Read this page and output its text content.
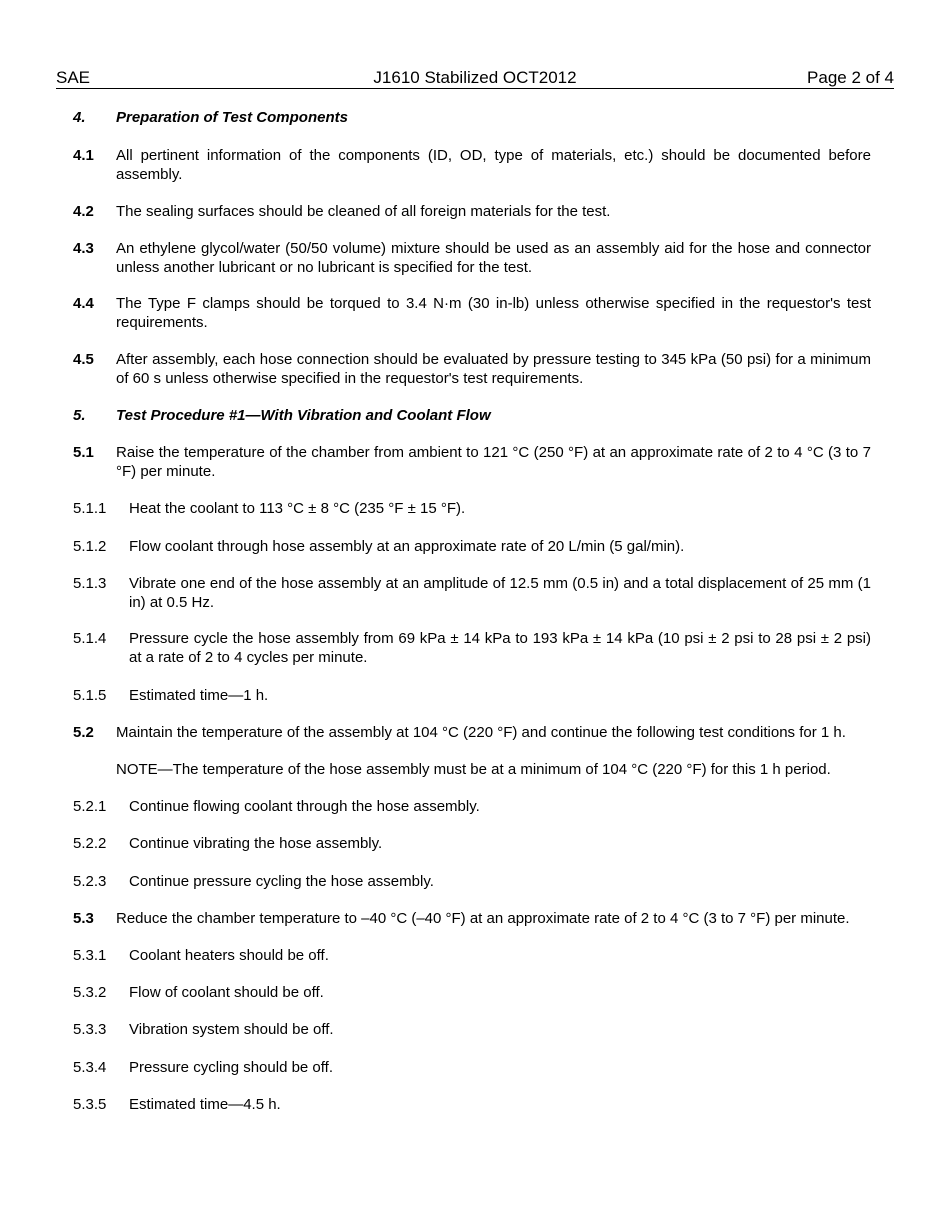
SAE	J1610 Stabilized OCT2012	Page 2 of 4
4. Preparation of Test Components
4.1 All pertinent information of the components (ID, OD, type of materials, etc.) should be documented before assembly.
4.2 The sealing surfaces should be cleaned of all foreign materials for the test.
4.3 An ethylene glycol/water (50/50 volume) mixture should be used as an assembly aid for the hose and connector unless another lubricant or no lubricant is specified for the test.
4.4 The Type F clamps should be torqued to 3.4 N·m (30 in-lb) unless otherwise specified in the requestor's test requirements.
4.5 After assembly, each hose connection should be evaluated by pressure testing to 345 kPa (50 psi) for a minimum of 60 s unless otherwise specified in the requestor's test requirements.
5. Test Procedure #1—With Vibration and Coolant Flow
5.1 Raise the temperature of the chamber from ambient to 121 °C (250 °F) at an approximate rate of 2 to 4 °C (3 to 7 °F) per minute.
5.1.1 Heat the coolant to 113 °C ± 8 °C (235 °F ± 15 °F).
5.1.2 Flow coolant through hose assembly at an approximate rate of 20 L/min (5 gal/min).
5.1.3 Vibrate one end of the hose assembly at an amplitude of 12.5 mm (0.5 in) and a total displacement of 25 mm (1 in) at 0.5 Hz.
5.1.4 Pressure cycle the hose assembly from 69 kPa ± 14 kPa to 193 kPa ± 14 kPa (10 psi ± 2 psi to 28 psi ± 2 psi) at a rate of 2 to 4 cycles per minute.
5.1.5 Estimated time—1 h.
5.2 Maintain the temperature of the assembly at 104 °C (220 °F) and continue the following test conditions for 1 h.
NOTE—The temperature of the hose assembly must be at a minimum of 104 °C (220 °F) for this 1 h period.
5.2.1 Continue flowing coolant through the hose assembly.
5.2.2 Continue vibrating the hose assembly.
5.2.3 Continue pressure cycling the hose assembly.
5.3 Reduce the chamber temperature to –40 °C (–40 °F) at an approximate rate of 2 to 4 °C (3 to 7 °F) per minute.
5.3.1 Coolant heaters should be off.
5.3.2 Flow of coolant should be off.
5.3.3 Vibration system should be off.
5.3.4 Pressure cycling should be off.
5.3.5 Estimated time—4.5 h.
